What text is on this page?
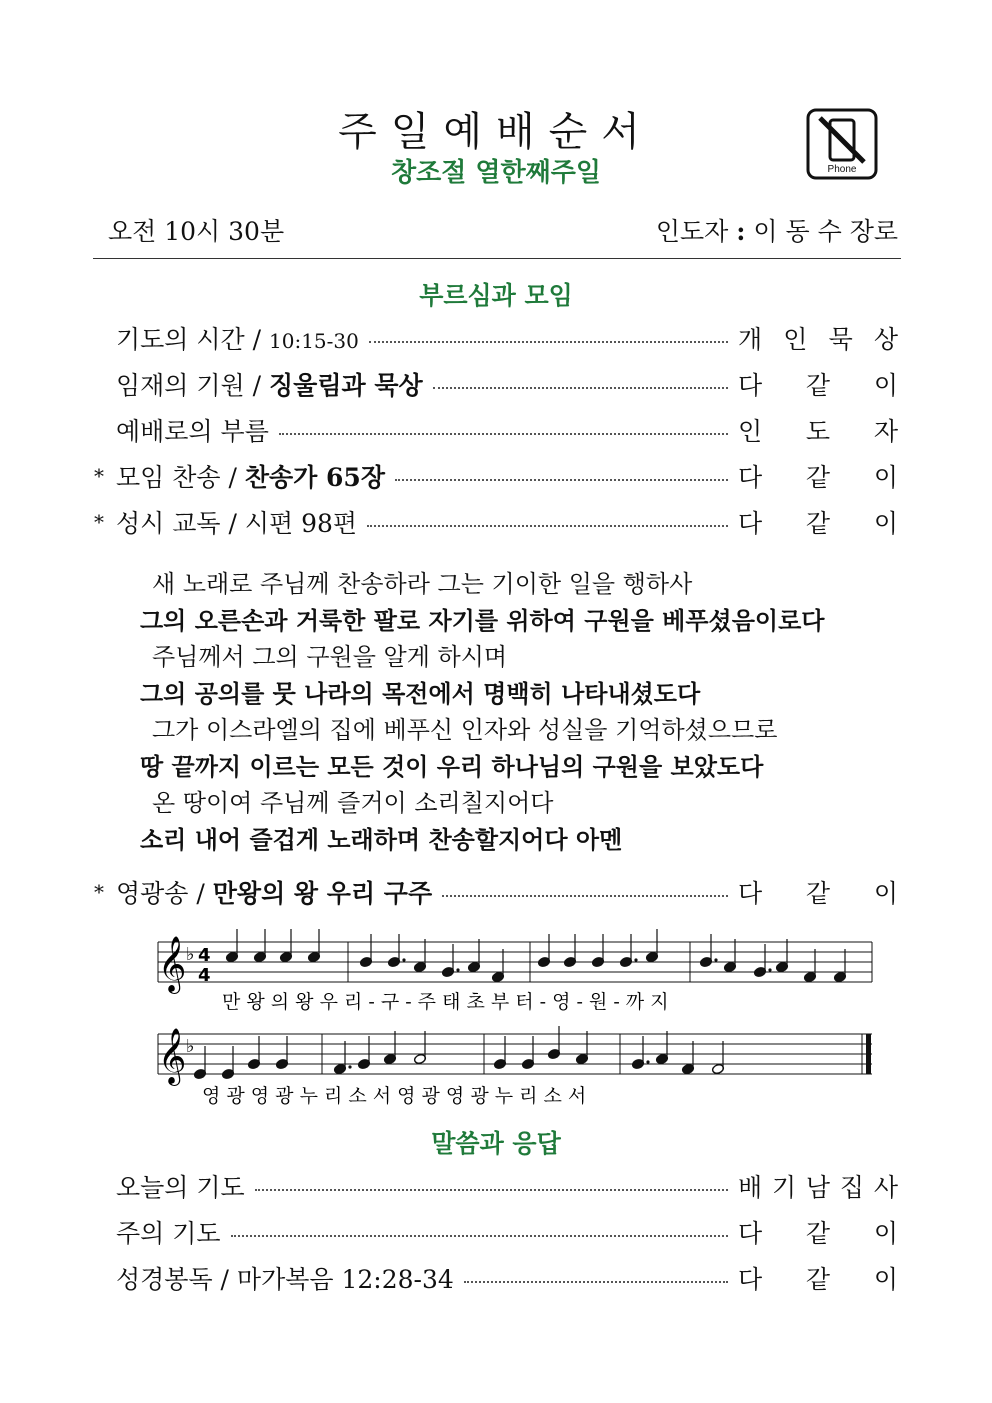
주일예배순서
창조절 열한째주일	Phone
오전 10시 30분	인도자 : 이 동 수 장로
부르심과 모임
기도의 시간 / 10:15-30	개 인 묵 상
임재의 기원 / 징울림과 묵상	다 같 이
예배로의 부름	인 도 자
* 모임 찬송 / 찬송가 65장	다 같 이
* 성시 교독 / 시편 98편	다 같 이
새 노래로 주님께 찬송하라 그는 기이한 일을 행하사
그의 오른손과 거룩한 팔로 자기를 위하여 구원을 베푸셨음이로다
주님께서 그의 구원을 알게 하시며
그의 공의를 뭇 나라의 목전에서 명백히 나타내셨도다
그가 이스라엘의 집에 베푸신 인자와 성실을 기억하셨으므로
땅 끝까지 이르는 모든 것이 우리 하나님의 구원을 보았도다
온 땅이여 주님께 즐거이 소리칠지어다
소리 내어 즐겁게 노래하며 찬송할지어다 아멘
* 영광송 / 만왕의 왕 우리 구주	다 같 이
𝄞 ♭ 4
4
만 왕 의 왕 우 리 - 구 - 주 태 초 부 터 - 영 - 원 - 까 지
𝄞 ♭
영 광 영 광 누 리 소 서 영 광 영 광 누 리 소 서
말씀과 응답
오늘의 기도	배 기 남 집 사
주의 기도	다 같 이
성경봉독 / 마가복음 12:28-34	다 같 이
